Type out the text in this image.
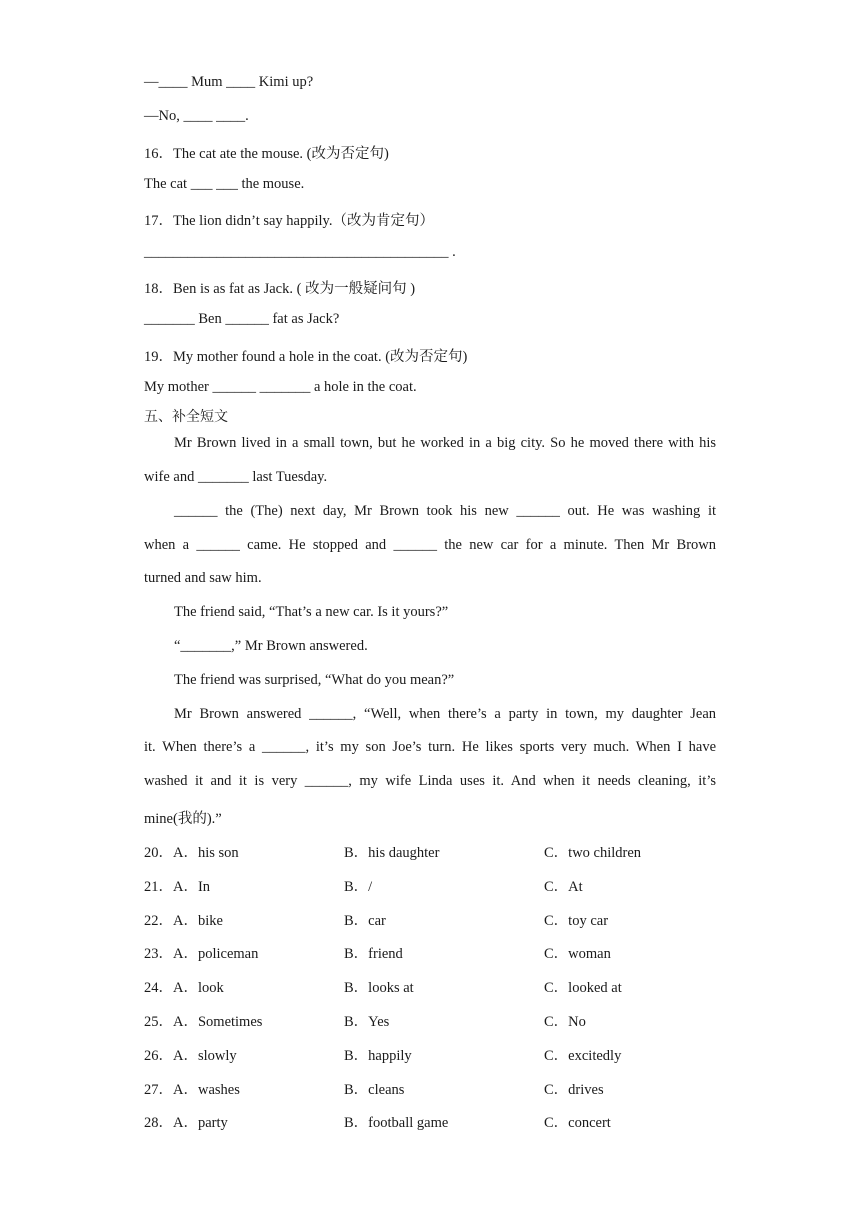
—____ Mum ____ Kimi up?
—No, ____ ____.
16．The cat ate the mouse. (改为否定句)
The cat ___ ___ the mouse.
17．The lion didn’t say happily.（改为肯定句）
__________________________________________ .
18．Ben is as fat as Jack. ( 改为一般疑问句 )
_______ Ben ______ fat as Jack?
19．My mother found a hole in the coat. (改为否定句)
My mother ______ _______ a hole in the coat.
五、补全短文
Mr Brown lived in a small town, but he worked in a big city. So he moved there with his
wife and _______ last Tuesday.
______ the (The) next day, Mr Brown took his new ______ out. He was washing it
when a ______ came. He stopped and ______ the new car for a minute. Then Mr Brown
turned and saw him.
The friend said, “That’s a new car. Is it yours?”
“_______,” Mr Brown answered.
The friend was surprised, “What do you mean?”
Mr Brown answered ______, “Well, when there’s a party in town, my daughter Jean
it. When there’s a ______, it’s my son Joe’s turn. He likes sports very much. When I have
washed it and it is very ______, my wife Linda uses it. And when it needs cleaning, it’s
mine(我的).”
20．A．his son	B．his daughter	C．two children
21．A．In	B．/	C．At
22．A．bike	B．car	C．toy car
23．A．policeman	B．friend	C．woman
24．A．look	B．looks at	C．looked at
25．A．Sometimes	B．Yes	C．No
26．A．slowly	B．happily	C．excitedly
27．A．washes	B．cleans	C．drives
28．A．party	B．football game	C．concert
